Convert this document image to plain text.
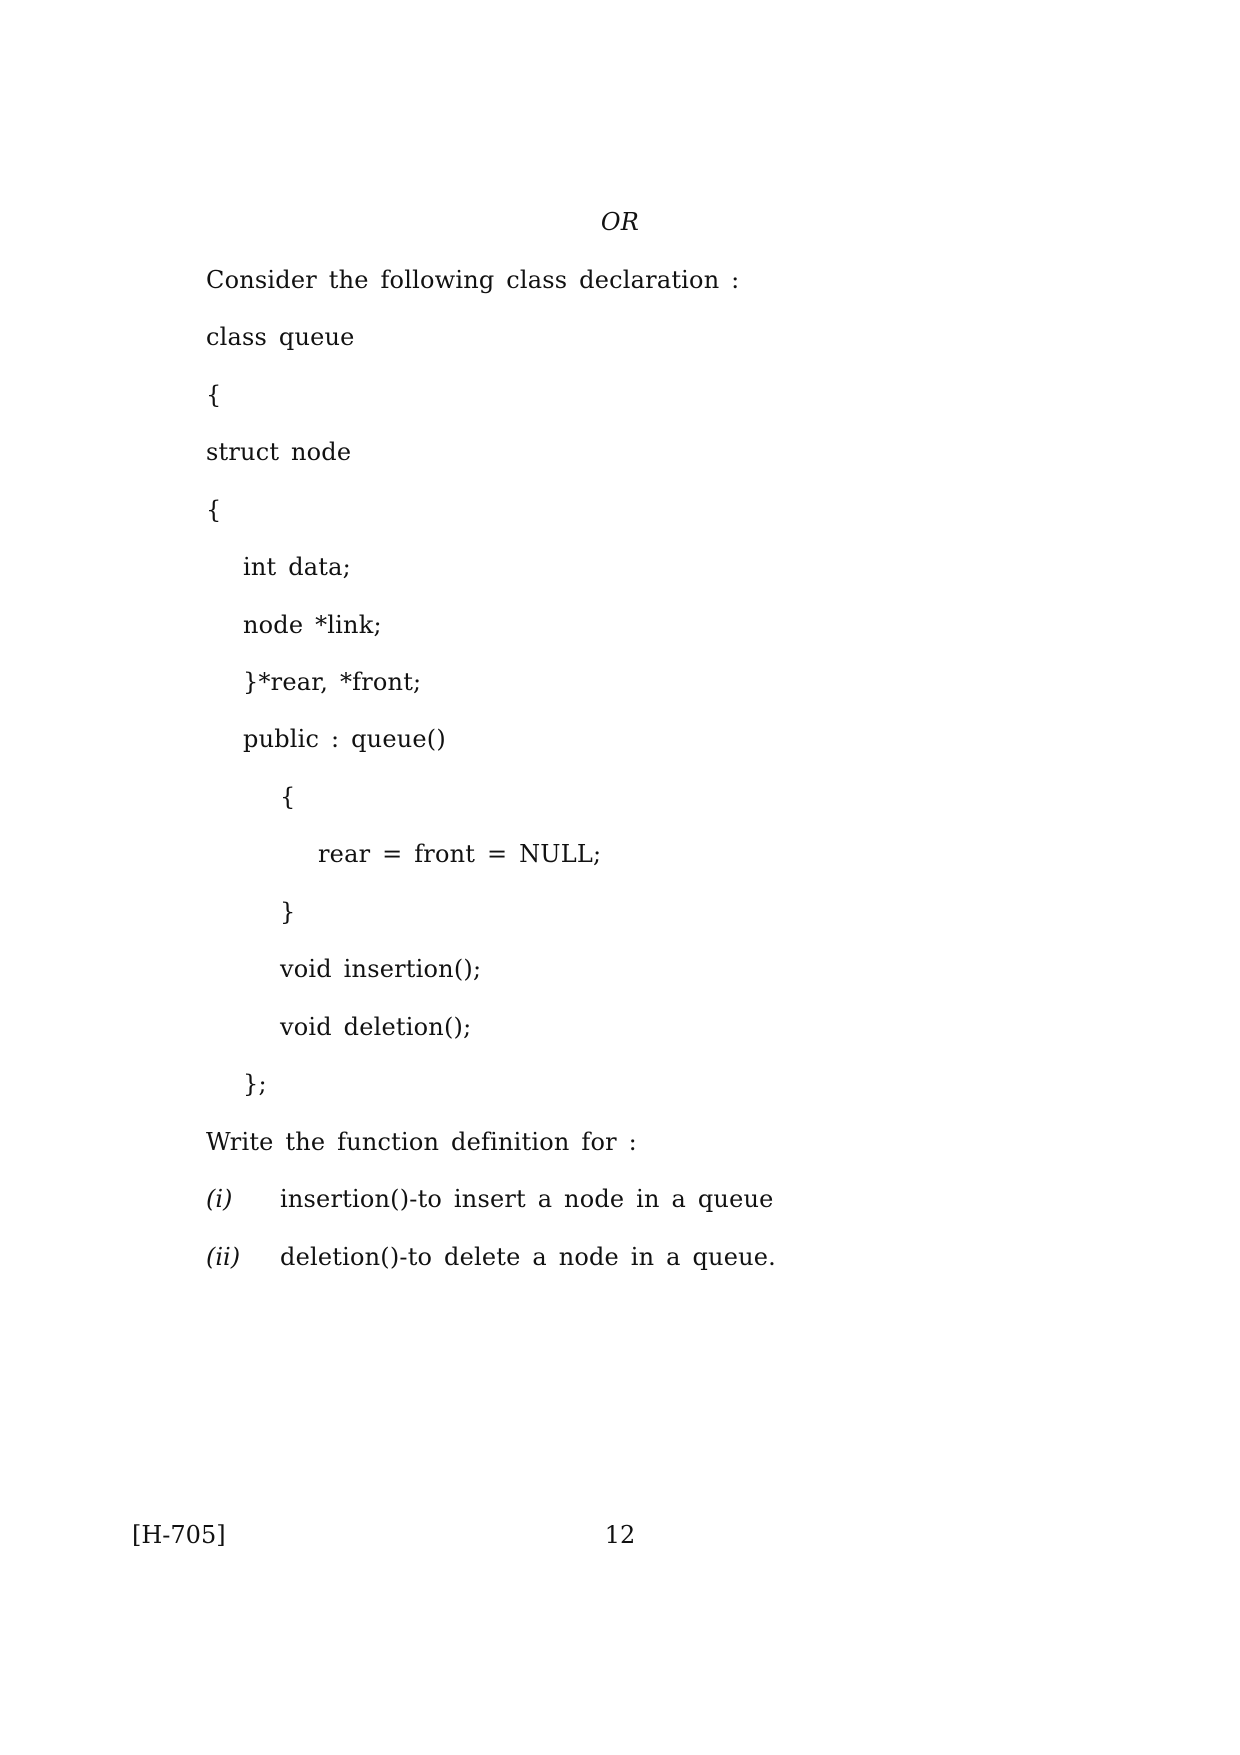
OR
Consider the following class declaration :
class queue
{
struct node
{
int data;
node *link;
}*rear, *front;
public : queue()
{
rear = front = NULL;
}
void insertion();
void deletion();
};
Write the function definition for :
(i) insertion()-to insert a node in a queue
(ii) deletion()-to delete a node in a queue.
[H-705]	12
